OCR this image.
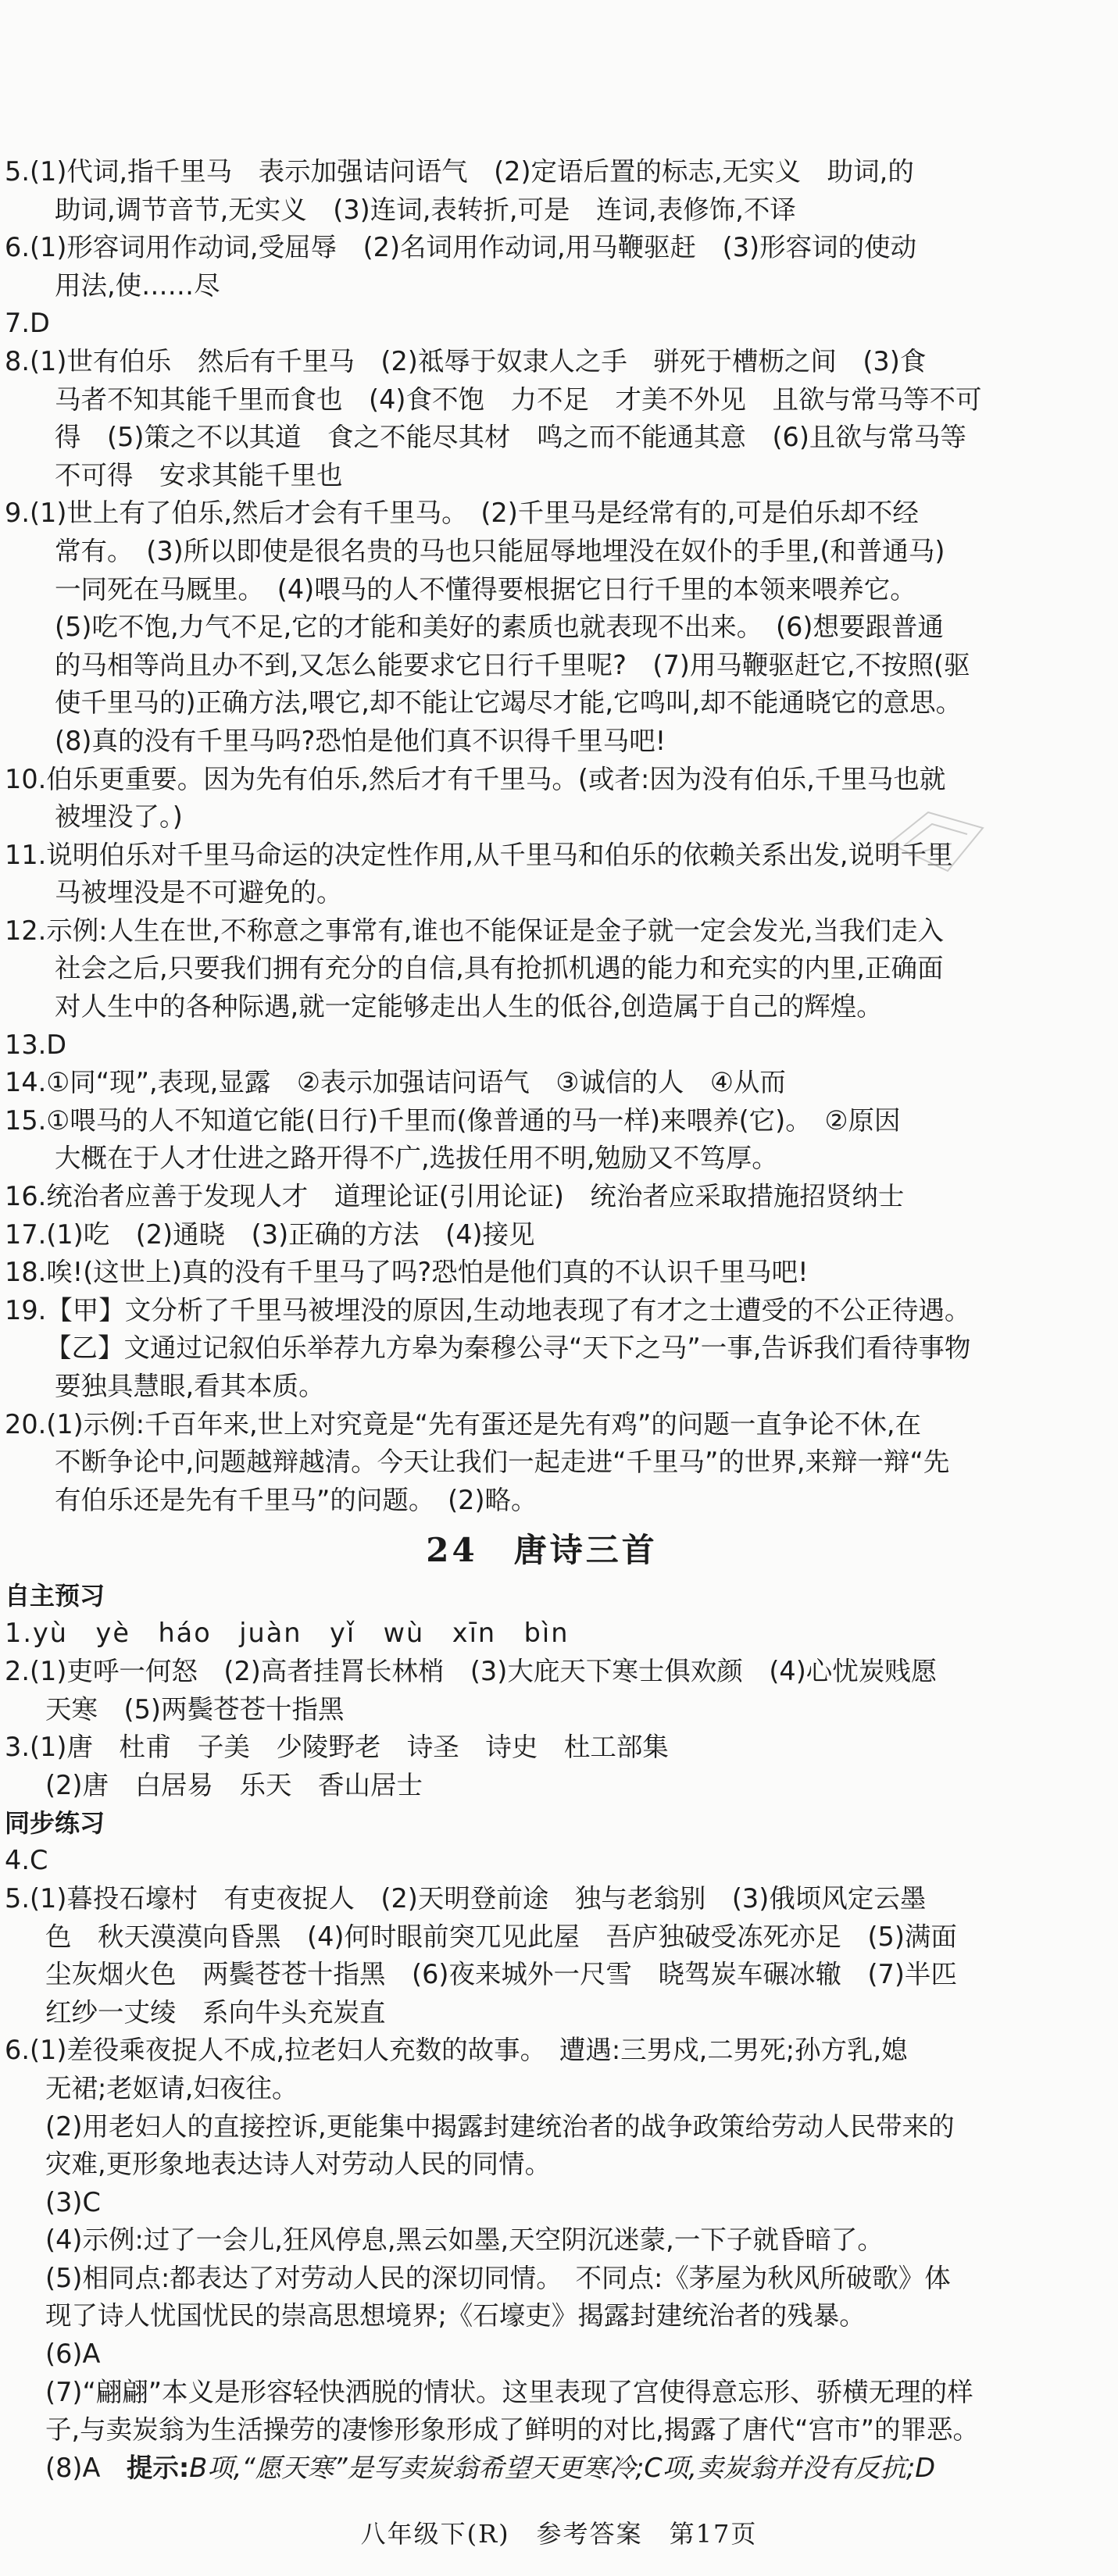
5.(1)代词,指千里马　表示加强诘问语气　(2)定语后置的标志,无实义　助词,的
助词,调节音节,无实义　(3)连词,表转折,可是　连词,表修饰,不译
6.(1)形容词用作动词,受屈辱　(2)名词用作动词,用马鞭驱赶　(3)形容词的使动
用法,使……尽
7.D
8.(1)世有伯乐　然后有千里马　(2)祗辱于奴隶人之手　骈死于槽枥之间　(3)食
马者不知其能千里而食也　(4)食不饱　力不足　才美不外见　且欲与常马等不可
得　(5)策之不以其道　食之不能尽其材　鸣之而不能通其意　(6)且欲与常马等
不可得　安求其能千里也
9.(1)世上有了伯乐,然后才会有千里马。　(2)千里马是经常有的,可是伯乐却不经
常有。　(3)所以即使是很名贵的马也只能屈辱地埋没在奴仆的手里,(和普通马)
一同死在马厩里。　(4)喂马的人不懂得要根据它日行千里的本领来喂养它。
(5)吃不饱,力气不足,它的才能和美好的素质也就表现不出来。　(6)想要跟普通
的马相等尚且办不到,又怎么能要求它日行千里呢?　(7)用马鞭驱赶它,不按照(驱
使千里马的)正确方法,喂它,却不能让它竭尽才能,它鸣叫,却不能通晓它的意思。
(8)真的没有千里马吗?恐怕是他们真不识得千里马吧!
10.伯乐更重要。因为先有伯乐,然后才有千里马。(或者:因为没有伯乐,千里马也就
被埋没了。)
11.说明伯乐对千里马命运的决定性作用,从千里马和伯乐的依赖关系出发,说明千里
马被埋没是不可避免的。
12.示例:人生在世,不称意之事常有,谁也不能保证是金子就一定会发光,当我们走入
社会之后,只要我们拥有充分的自信,具有抢抓机遇的能力和充实的内里,正确面
对人生中的各种际遇,就一定能够走出人生的低谷,创造属于自己的辉煌。
13.D
14.①同“现”,表现,显露　②表示加强诘问语气　③诚信的人　④从而
15.①喂马的人不知道它能(日行)千里而(像普通的马一样)来喂养(它)。　②原因
大概在于人才仕进之路开得不广,选拔任用不明,勉励又不笃厚。
16.统治者应善于发现人才　道理论证(引用论证)　统治者应采取措施招贤纳士
17.(1)吃　(2)通晓　(3)正确的方法　(4)接见
18.唉!(这世上)真的没有千里马了吗?恐怕是他们真的不认识千里马吧!
19.【甲】文分析了千里马被埋没的原因,生动地表现了有才之士遭受的不公正待遇。
【乙】文通过记叙伯乐举荐九方皋为秦穆公寻“天下之马”一事,告诉我们看待事物
要独具慧眼,看其本质。
20.(1)示例:千百年来,世上对究竟是“先有蛋还是先有鸡”的问题一直争论不休,在
不断争论中,问题越辩越清。今天让我们一起走进“千里马”的世界,来辩一辩“先
有伯乐还是先有千里马”的问题。　(2)略。
24　唐诗三首
自主预习
1.yù　yè　háo　juàn　yǐ　wù　xīn　bìn
2.(1)吏呼一何怒　(2)高者挂罥长林梢　(3)大庇天下寒士俱欢颜　(4)心忧炭贱愿
天寒　(5)两鬓苍苍十指黑
3.(1)唐　杜甫　子美　少陵野老　诗圣　诗史　杜工部集
(2)唐　白居易　乐天　香山居士
同步练习
4.C
5.(1)暮投石壕村　有吏夜捉人　(2)天明登前途　独与老翁别　(3)俄顷风定云墨
色　秋天漠漠向昏黑　(4)何时眼前突兀见此屋　吾庐独破受冻死亦足　(5)满面
尘灰烟火色　两鬓苍苍十指黑　(6)夜来城外一尺雪　晓驾炭车碾冰辙　(7)半匹
红纱一丈绫　系向牛头充炭直
6.(1)差役乘夜捉人不成,拉老妇人充数的故事。　遭遇:三男戍,二男死;孙方乳,媳
无裙;老妪请,妇夜往。
(2)用老妇人的直接控诉,更能集中揭露封建统治者的战争政策给劳动人民带来的
灾难,更形象地表达诗人对劳动人民的同情。
(3)C
(4)示例:过了一会儿,狂风停息,黑云如墨,天空阴沉迷蒙,一下子就昏暗了。
(5)相同点:都表达了对劳动人民的深切同情。　不同点:《茅屋为秋风所破歌》体
现了诗人忧国忧民的崇高思想境界;《石壕吏》揭露封建统治者的残暴。
(6)A
(7)“翩翩”本义是形容轻快洒脱的情状。这里表现了宫使得意忘形、骄横无理的样
子,与卖炭翁为生活操劳的凄惨形象形成了鲜明的对比,揭露了唐代“宫市”的罪恶。
(8)A　提示:B项,“愿天寒”是写卖炭翁希望天更寒冷;C项,卖炭翁并没有反抗;D
八年级下(R)　参考答案　第17页
